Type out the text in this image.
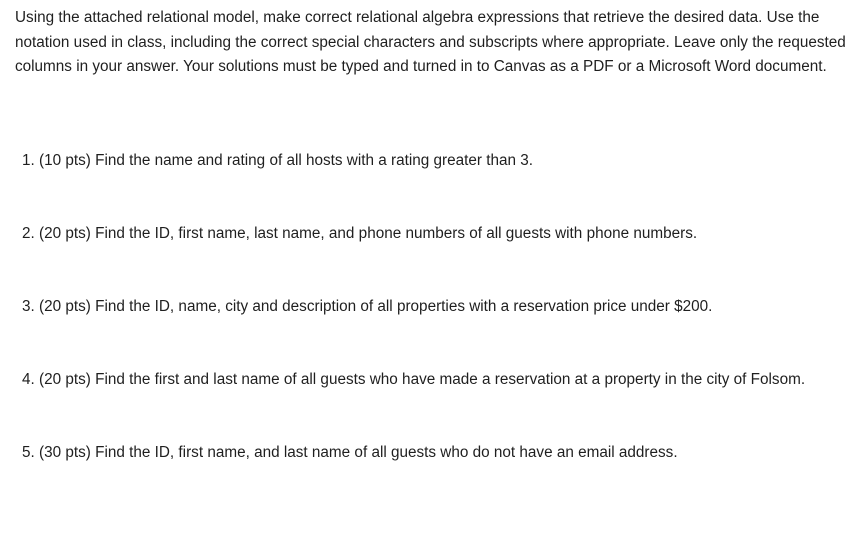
Using the attached relational model, make correct relational algebra expressions that retrieve the desired data. Use the notation used in class, including the correct special characters and subscripts where appropriate. Leave only the requested columns in your answer. Your solutions must be typed and turned in to Canvas as a PDF or a Microsoft Word document.

1. (10 pts) Find the name and rating of all hosts with a rating greater than 3.

2. (20 pts) Find the ID, first name, last name, and phone numbers of all guests with phone numbers.

3. (20 pts) Find the ID, name, city and description of all properties with a reservation price under $200.

4. (20 pts) Find the first and last name of all guests who have made a reservation at a property in the city of Folsom.

5. (30 pts) Find the ID, first name, and last name of all guests who do not have an email address.
